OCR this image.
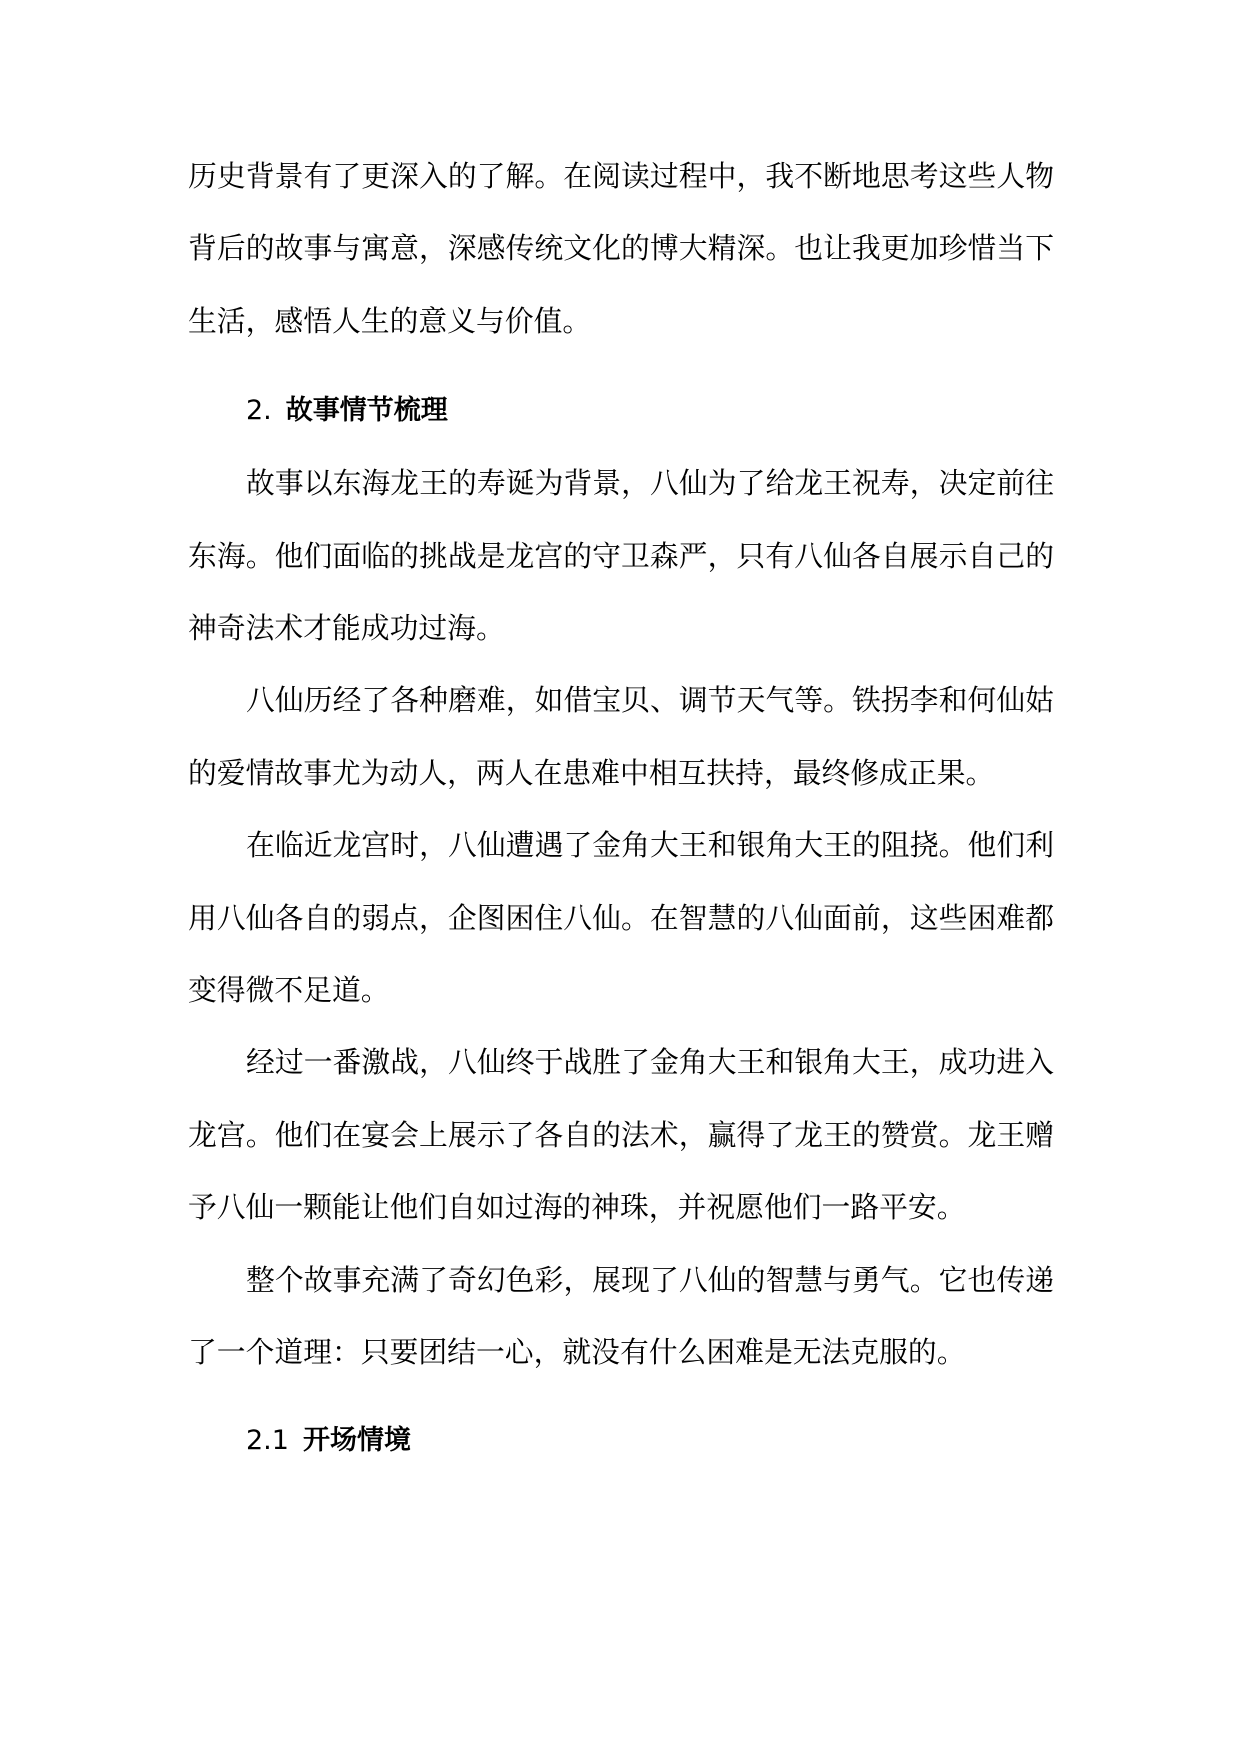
历史背景有了更深入的了解。在阅读过程中，我不断地思考这些人物背后的故事与寓意，深感传统文化的博大精深。也让我更加珍惜当下生活，感悟人生的意义与价值。

2. 故事情节梳理

故事以东海龙王的寿诞为背景，八仙为了给龙王祝寿，决定前往东海。他们面临的挑战是龙宫的守卫森严，只有八仙各自展示自己的神奇法术才能成功过海。

八仙历经了各种磨难，如借宝贝、调节天气等。铁拐李和何仙姑的爱情故事尤为动人，两人在患难中相互扶持，最终修成正果。

在临近龙宫时，八仙遭遇了金角大王和银角大王的阻挠。他们利用八仙各自的弱点，企图困住八仙。在智慧的八仙面前，这些困难都变得微不足道。

经过一番激战，八仙终于战胜了金角大王和银角大王，成功进入龙宫。他们在宴会上展示了各自的法术，赢得了龙王的赞赏。龙王赠予八仙一颗能让他们自如过海的神珠，并祝愿他们一路平安。

整个故事充满了奇幻色彩，展现了八仙的智慧与勇气。它也传递了一个道理：只要团结一心，就没有什么困难是无法克服的。

2.1 开场情境
